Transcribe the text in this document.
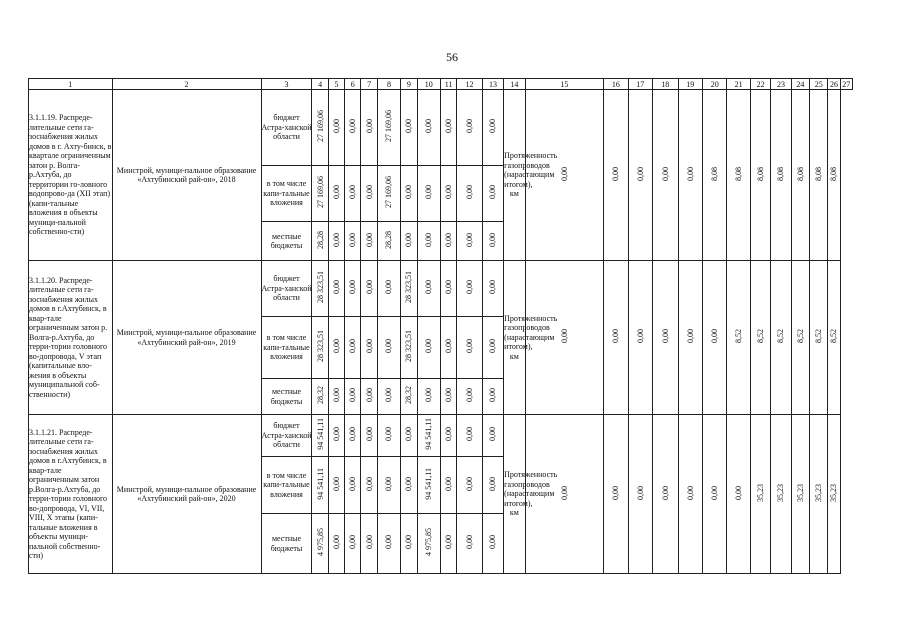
56
1	2	3	4	5	6	7	8	9	10	11	12	13	14	15	16	17	18	19	20	21	22	23	24	25	26	27
3.1.1.19. Распреде-лительные сети га-зоснабжения жилых домов в г. Ахту-бинск, в квартале ограниченным затон р. Волга-р.Ахтуба, до территории го-ловного водопрово-да (XII этап) (капи-тальные вложения в объекты муници-пальной собственно-сти)	Минстрой, муници-пальное образование «Ахтубинский рай-он», 2018	бюджет Астра-ханской области	27 169,06	0,00	0,00	0,00	27 169,06	0,00	0,00	0,00	0,00	0,00	Протяженность газопроводов (нарастающим итогом), км	0,00	0,00	0,00	0,00	0,00	8,08	8,08	8,08	8,08	8,08	8,08	8,08	
		в том числе капи-тальные вложения	27 169,06	0,00	0,00	0,00	27 169,06	0,00	0,00	0,00	0,00	0,00														
		местные бюджеты	28,28	0,00	0,00	0,00	28,28	0,00	0,00	0,00	0,00	0,00														
3.1.1.20. Распреде-лительные сети га-зоснабжения жилых домов в г.Ахтубинск, в квар-тале ограниченным затон р. Волга-р.Ахтуба, до терри-тории головного во-допровода, V этап (капитальные вло-жения в объекты муниципальной соб-ственности)	Минстрой, муници-пальное образование «Ахтубинский рай-он», 2019	бюджет Астра-ханской области	28 323,51	0,00	0,00	0,00	0,00	28 323,51	0,00	0,00	0,00	0,00	Протяженность газопроводов (нарастающим итогом), км	0,00	0,00	0,00	0,00	0,00	0,00	8,52	8,52	8,52	8,52	8,52	8,52	
		в том числе капи-тальные вложения	28 323,51	0,00	0,00	0,00	0,00	28 323,51	0,00	0,00	0,00	0,00														
		местные бюджеты	28,32	0,00	0,00	0,00	0,00	28,32	0,00	0,00	0,00	0,00														
3.1.1.21. Распреде-лительные сети га-зоснабжения жилых домов в г.Ахтубинск, в квар-тале ограниченным затон р.Волга-р.Ахтуба, до терри-тории головного во-допровода, VI, VII, VIII, X этапы (капи-тальные вложения в объекты муници-пальной собственно-сти)	Минстрой, муници-пальное образование «Ахтубинский рай-он», 2020	бюджет Астра-ханской области	94 541,11	0,00	0,00	0,00	0,00	0,00	94 541,11	0,00	0,00	0,00	Протяженность газопроводов (нарастающим итогом), км	0,00	0,00	0,00	0,00	0,00	0,00	0,00	35,23	35,23	35,23	35,23	35,23	
		в том числе капи-тальные вложения	94 541,11	0,00	0,00	0,00	0,00	0,00	94 541,11	0,00	0,00	0,00														
		местные бюджеты	4 975,85	0,00	0,00	0,00	0,00	0,00	4 975,85	0,00	0,00	0,00														
